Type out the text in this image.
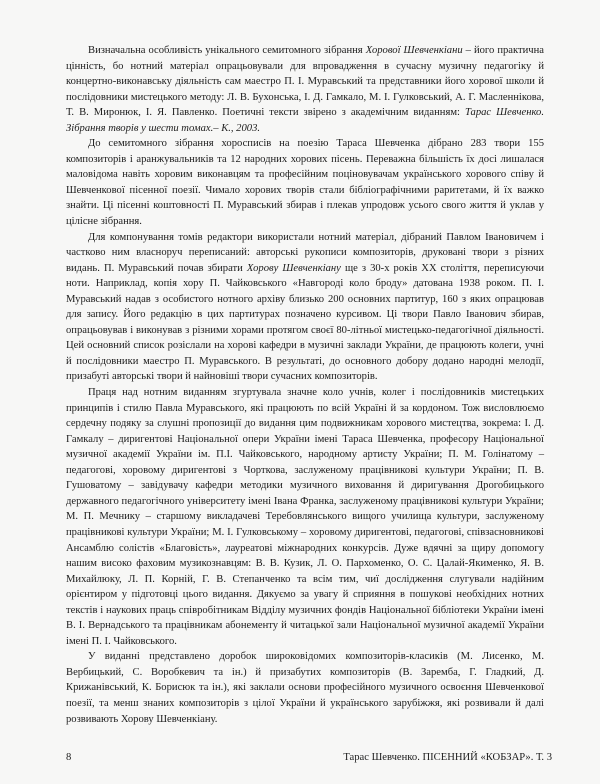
Визначальна особливість унікального семитомного зібрання Хорової Шевченкіани – його практична цінність, бо нотний матеріал опрацьовували для впровадження в сучасну музичну педагогіку й концертно-виконавську діяльність сам маестро П. І. Муравський та представники його хорової школи й послідовники мистецького методу: Л. В. Бухонська, І. Д. Гамкало, М. І. Гулковський, А. Г. Масленнікова, Т. В. Миронюк, І. Я. Павленко. Поетичні тексти звірено з академічним виданням: Тарас Шевченко. Зібрання творів у шести томах.– К., 2003.

До семитомного зібрання хоросписів на поезію Тараса Шевченка дібрано 283 твори 155 композиторів і аранжувальників та 12 народних хорових пісень. Переважна більшість їх досі лишалася маловідома навіть хоровим виконавцям та професійним поціновувачам українського хорового співу й Шевченкової пісенної поезії. Чимало хорових творів стали бібліографічними раритетами, й їх важко знайти. Ці пісенні коштовності П. Муравський збирав і плекав упродовж усього свого життя й уклав у цілісне зібрання.

Для компонування томів редактори використали нотний матеріал, дібраний Павлом Івановичем і частково ним власноруч переписаний: авторські рукописи композиторів, друковані твори з різних видань. П. Муравський почав збирати Хорову Шевченкіану ще з 30-х років XX століття, переписуючи ноти. Наприклад, копія хору П. Чайковського «Навгороді коло броду» датована 1938 роком. П. І. Муравський надав з особистого нотного архіву близько 200 основних партитур, 160 з яких опрацював для запису. Його редакцію в цих партитурах позначено курсивом. Ці твори Павло Іванович збирав, опрацьовував і виконував з різними хорами протягом своєї 80-літньої мистецько-педагогічної діяльності. Цей основний список розіслали на хорові кафедри в музичні заклади України, де працюють колеги, учні й послідовники маестро П. Муравського. В результаті, до основного добору додано народні мелодії, призабуті авторські твори й найновіші твори сучасних композиторів.

Праця над нотним виданням згуртувала значне коло учнів, колег і послідовників мистецьких принципів і стилю Павла Муравського, які працюють по всій Україні й за кордоном. Тож висловлюємо сердечну подяку за слушні пропозиції до видання цим подвижникам хорового мистецтва, зокрема: І. Д. Гамкалу – диригентові Національної опери України імені Тараса Шевченка, професору Національної музичної академії України ім. П.І. Чайковського, народному артисту України; П. М. Голінатому – педагогові, хоровому диригентові з Чорткова, заслуженому працівникові культури України; П. В. Гушоватому – завідувачу кафедри методики музичного виховання й диригування Дрогобицького державного педагогічного університету імені Івана Франка, заслуженому працівникові культури України; М. П. Мечнику – старшому викладачеві Теребовлянського вищого училища культури, заслуженому працівникові культури України; М. І. Гулковському – хоровому диригентові, педагогові, співзасновникові Ансамблю солістів «Благовість», лауреатові міжнародних конкурсів. Дуже вдячні за щиру допомогу нашим високо фаховим музикознавцям: В. В. Кузик, Л. О. Пархоменко, О. С. Цалай-Якименко, Я. В. Михайлюку, Л. П. Корній, Г. В. Степанченко та всім тим, чиї дослідження слугували надійним орієнтиром у підготовці цього видання. Дякуємо за увагу й сприяння в пошукові необхідних нотних текстів і наукових праць співробітникам Відділу музичних фондів Національної бібліотеки України імені В. І. Вернадського та працівникам абонементу й читацької зали Національної музичної академії України імені П. І. Чайковського.

У виданні представлено доробок широковідомих композиторів-класиків (М. Лисенко, М. Вербицький, С. Воробкевич та ін.) й призабутих композиторів (В. Заремба, Г. Гладкий, Д. Крижанівський, К. Борисюк та ін.), які заклали основи професійного музичного освоєння Шевченкової поезії, та менш знаних композиторів з цілої України й українського зарубіжжя, які розвивали й далі розвивають Хорову Шевченкіану.

8	Тарас Шевченко. ПІСЕННИЙ «КОБЗАР». Т. 3
